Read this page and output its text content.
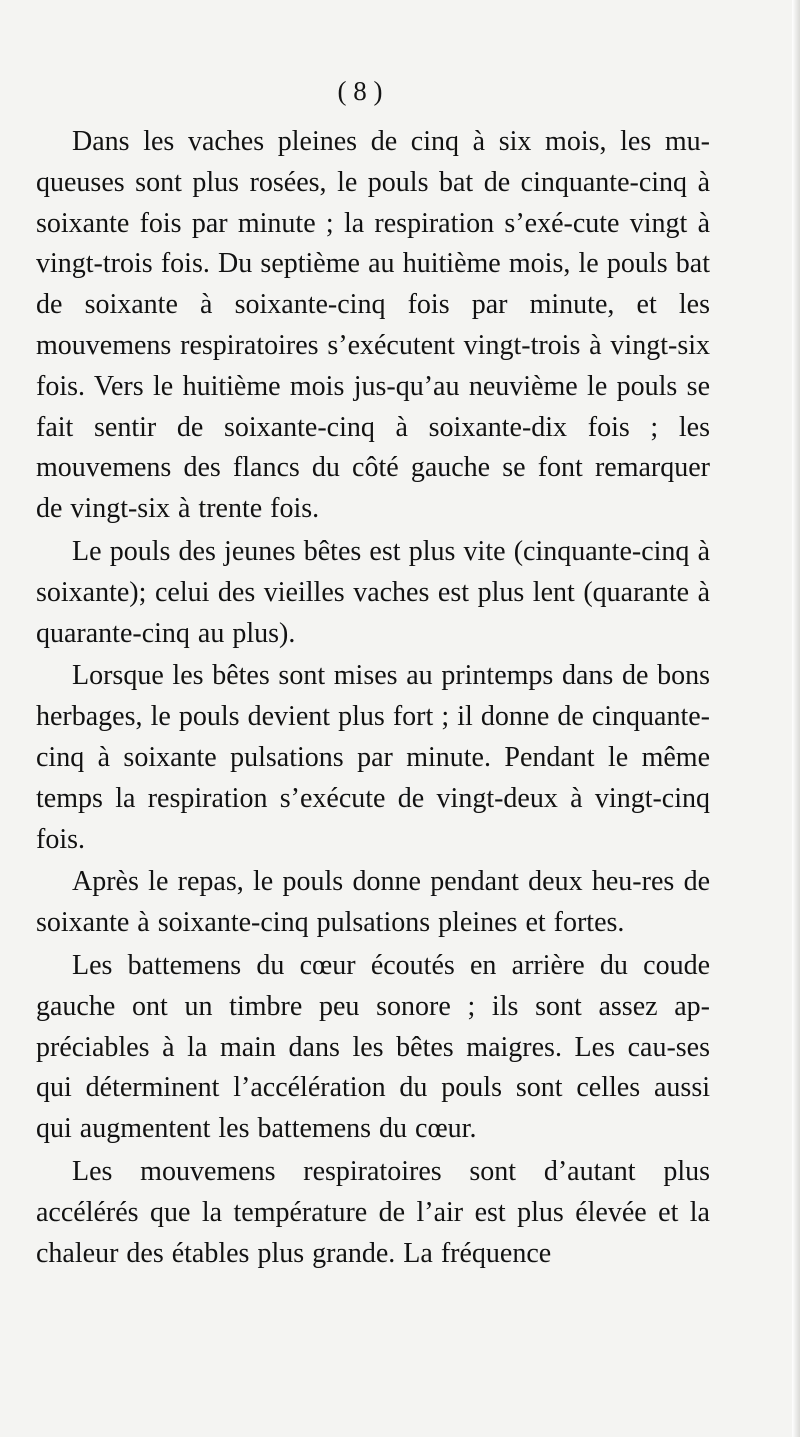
( 8 )

Dans les vaches pleines de cinq à six mois, les mu-queuses sont plus rosées, le pouls bat de cinquante-cinq à soixante fois par minute ; la respiration s’exé-cute vingt à vingt-trois fois. Du septième au huitième mois, le pouls bat de soixante à soixante-cinq fois par minute, et les mouvemens respiratoires s’exécutent vingt-trois à vingt-six fois. Vers le huitième mois jus-qu’au neuvième le pouls se fait sentir de soixante-cinq à soixante-dix fois ; les mouvemens des flancs du côté gauche se font remarquer de vingt-six à trente fois.

Le pouls des jeunes bêtes est plus vite (cinquante-cinq à soixante); celui des vieilles vaches est plus lent (quarante à quarante-cinq au plus).

Lorsque les bêtes sont mises au printemps dans de bons herbages, le pouls devient plus fort ; il donne de cinquante-cinq à soixante pulsations par minute. Pendant le même temps la respiration s’exécute de vingt-deux à vingt-cinq fois.

Après le repas, le pouls donne pendant deux heu-res de soixante à soixante-cinq pulsations pleines et fortes.

Les battemens du cœur écoutés en arrière du coude gauche ont un timbre peu sonore ; ils sont assez ap-préciables à la main dans les bêtes maigres. Les cau-ses qui déterminent l’accélération du pouls sont celles aussi qui augmentent les battemens du cœur.

Les mouvemens respiratoires sont d’autant plus accélérés que la température de l’air est plus élevée et la chaleur des étables plus grande. La fréquence
